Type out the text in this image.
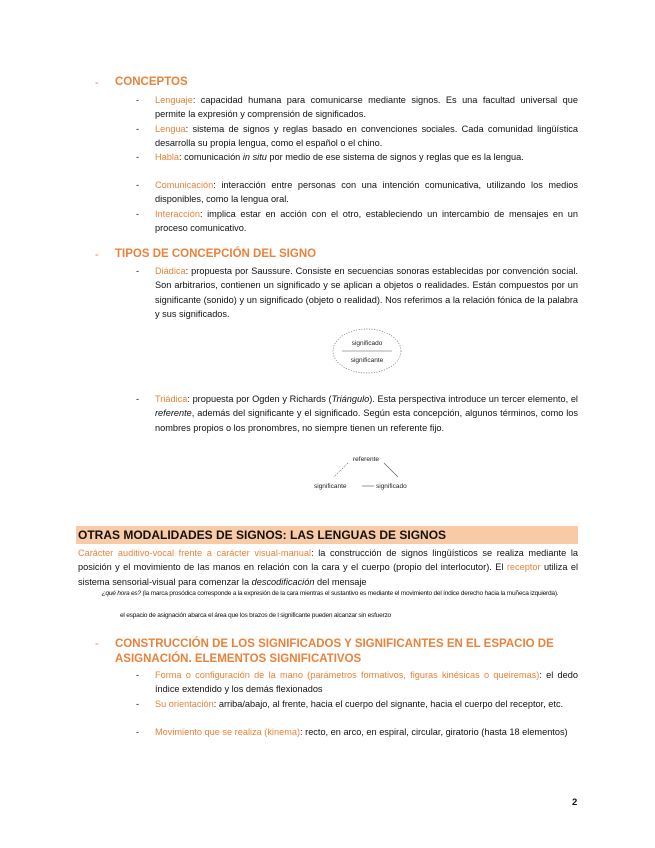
- CONCEPTOS
- Lenguaje: capacidad humana para comunicarse mediante signos. Es una facultad universal que permite la expresión y comprensión de significados.
- Lengua: sistema de signos y reglas basado en convenciones sociales. Cada comunidad lingüística desarrolla su propia lengua, como el español o el chino.
- Habla: comunicación in situ por medio de ese sistema de signos y reglas que es la lengua.
- Comunicación: interacción entre personas con una intención comunicativa, utilizando los medios disponibles, como la lengua oral.
- Interacción: implica estar en acción con el otro, estableciendo un intercambio de mensajes en un proceso comunicativo.
- TIPOS DE CONCEPCIÓN DEL SIGNO
- Diádica: propuesta por Saussure. Consiste en secuencias sonoras establecidas por convención social. Son arbitrarios, contienen un significado y se aplican a objetos o realidades. Están compuestos por un significante (sonido) y un significado (objeto o realidad). Nos referimos a la relación fónica de la palabra y sus significados.
significado
significante
- Triádica: propuesta por Ogden y Richards (Triángulo). Esta perspectiva introduce un tercer elemento, el referente, además del significante y el significado. Según esta concepción, algunos términos, como los nombres propios o los pronombres, no siempre tienen un referente fijo.
referente
significante	significado
OTRAS MODALIDADES DE SIGNOS: LAS LENGUAS DE SIGNOS
Carácter auditivo-vocal frente a carácter visual-manual: la construcción de signos lingüísticos se realiza mediante la posición y el movimiento de las manos en relación con la cara y el cuerpo (propio del interlocutor). El receptor utiliza el sistema sensorial-visual para comenzar la descodificación del mensaje
¿qué hora es? (la marca prosódica corresponde a la expresión de la cara mientras el sustantivo es mediante el movimiento del índice derecho hacia la muñeca izquierda).
el espacio de asignación abarca el área que los brazos de l significante pueden alcanzar sin esfuerzo
- CONSTRUCCIÓN DE LOS SIGNIFICADOS Y SIGNIFICANTES EN EL ESPACIO DE
ASIGNACIÓN. ELEMENTOS SIGNIFICATIVOS
- Forma o configuración de la mano (parámetros formativos, figuras kinésicas o queiremas): el dedo índice extendido y los demás flexionados
- Su orientación: arriba/abajo, al frente, hacia el cuerpo del signante, hacia el cuerpo del receptor, etc.
- Movimiento que se realiza (kinema): recto, en arco, en espiral, circular, giratorio (hasta 18 elementos)
2
